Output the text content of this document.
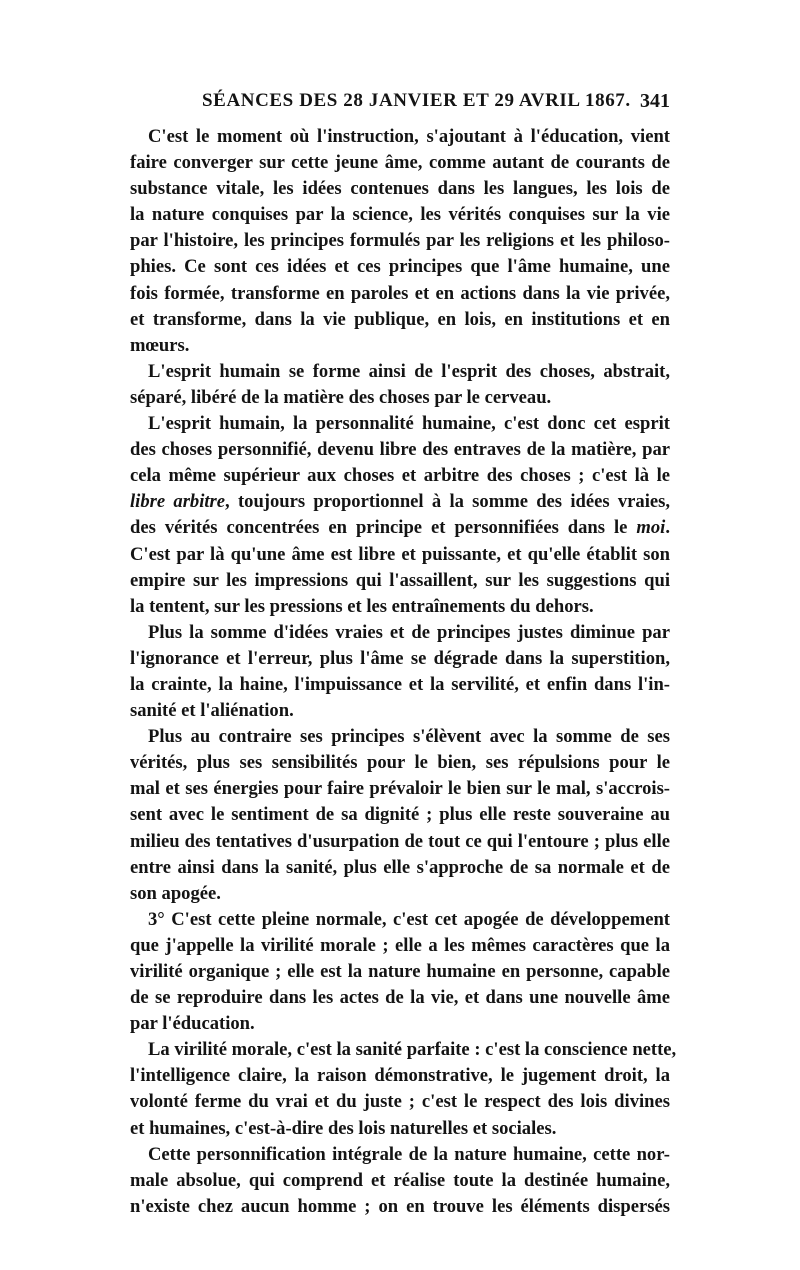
SÉANCES DES 28 JANVIER ET 29 AVRIL 1867. 341
C'est le moment où l'instruction, s'ajoutant à l'éducation, vient
faire converger sur cette jeune âme, comme autant de courants de
substance vitale, les idées contenues dans les langues, les lois de
la nature conquises par la science, les vérités conquises sur la vie
par l'histoire, les principes formulés par les religions et les philoso-
phies. Ce sont ces idées et ces principes que l'âme humaine, une
fois formée, transforme en paroles et en actions dans la vie privée,
et transforme, dans la vie publique, en lois, en institutions et en
mœurs.
L'esprit humain se forme ainsi de l'esprit des choses, abstrait,
séparé, libéré de la matière des choses par le cerveau.
L'esprit humain, la personnalité humaine, c'est donc cet esprit
des choses personnifié, devenu libre des entraves de la matière, par
cela même supérieur aux choses et arbitre des choses ; c'est là le
libre arbitre, toujours proportionnel à la somme des idées vraies,
des vérités concentrées en principe et personnifiées dans le moi.
C'est par là qu'une âme est libre et puissante, et qu'elle établit son
empire sur les impressions qui l'assaillent, sur les suggestions qui
la tentent, sur les pressions et les entraînements du dehors.
Plus la somme d'idées vraies et de principes justes diminue par
l'ignorance et l'erreur, plus l'âme se dégrade dans la superstition,
la crainte, la haine, l'impuissance et la servilité, et enfin dans l'in-
sanité et l'aliénation.
Plus au contraire ses principes s'élèvent avec la somme de ses
vérités, plus ses sensibilités pour le bien, ses répulsions pour le
mal et ses énergies pour faire prévaloir le bien sur le mal, s'accrois-
sent avec le sentiment de sa dignité ; plus elle reste souveraine au
milieu des tentatives d'usurpation de tout ce qui l'entoure ; plus elle
entre ainsi dans la sanité, plus elle s'approche de sa normale et de
son apogée.
3° C'est cette pleine normale, c'est cet apogée de développement
que j'appelle la virilité morale ; elle a les mêmes caractères que la
virilité organique ; elle est la nature humaine en personne, capable
de se reproduire dans les actes de la vie, et dans une nouvelle âme
par l'éducation.
La virilité morale, c'est la sanité parfaite : c'est la conscience nette,
l'intelligence claire, la raison démonstrative, le jugement droit, la
volonté ferme du vrai et du juste ; c'est le respect des lois divines
et humaines, c'est-à-dire des lois naturelles et sociales.
Cette personnification intégrale de la nature humaine, cette nor-
male absolue, qui comprend et réalise toute la destinée humaine,
n'existe chez aucun homme ; on en trouve les éléments dispersés
